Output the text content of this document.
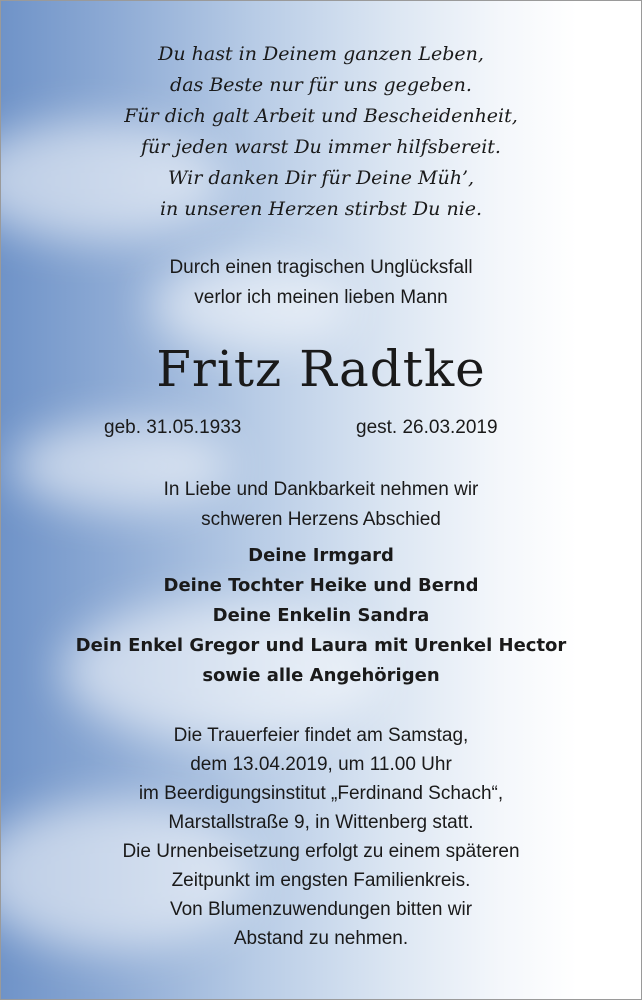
Du hast in Deinem ganzen Leben,
das Beste nur für uns gegeben.
Für dich galt Arbeit und Bescheidenheit,
für jeden warst Du immer hilfsbereit.
Wir danken Dir für Deine Müh’,
in unseren Herzen stirbst Du nie.
Durch einen tragischen Unglücksfall
verlor ich meinen lieben Mann
Fritz Radtke
geb. 31.05.1933	gest. 26.03.2019
In Liebe und Dankbarkeit nehmen wir
schweren Herzens Abschied
Deine Irmgard
Deine Tochter Heike und Bernd
Deine Enkelin Sandra
Dein Enkel Gregor und Laura mit Urenkel Hector
sowie alle Angehörigen
Die Trauerfeier findet am Samstag,
dem 13.04.2019, um 11.00 Uhr
im Beerdigungsinstitut „Ferdinand Schach“,
Marstallstraße 9, in Wittenberg statt.
Die Urnenbeisetzung erfolgt zu einem späteren
Zeitpunkt im engsten Familienkreis.
Von Blumenzuwendungen bitten wir
Abstand zu nehmen.
